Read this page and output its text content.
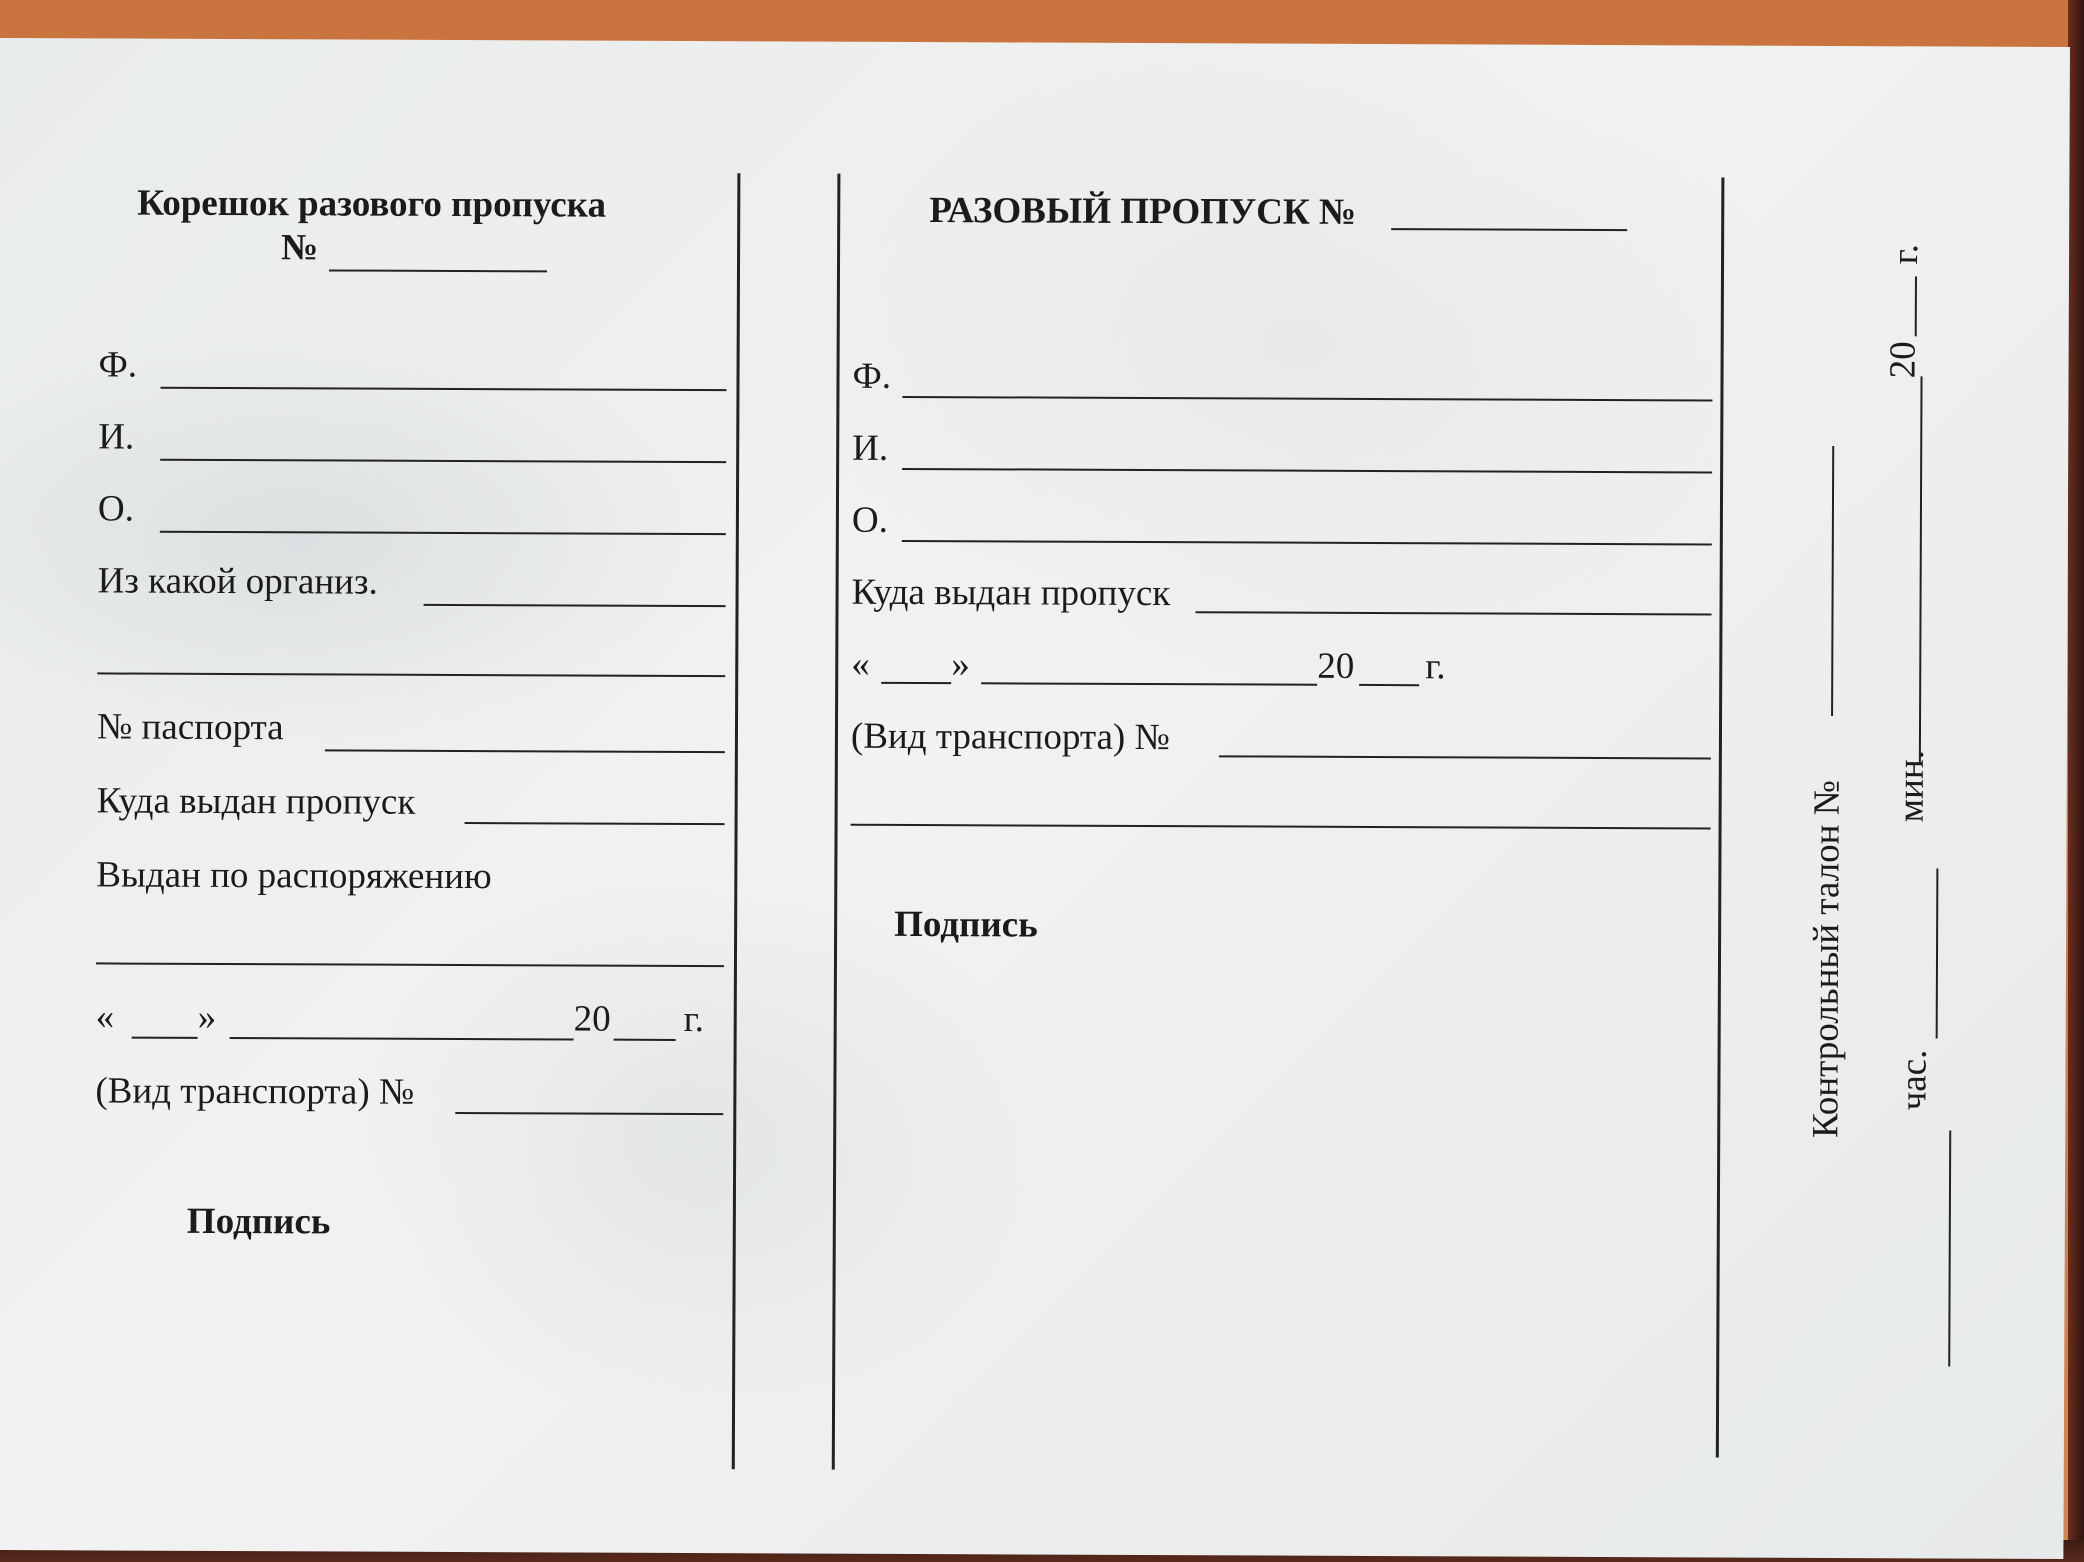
Корешок разового пропуска
№
Ф.
И.
О.
Из какой организ.
№ паспорта
Куда выдан пропуск
Выдан по распоряжению
« »	20 г.
(Вид транспорта) №
Подпись
РАЗОВЫЙ ПРОПУСК №
Ф.
И.
О.
Куда выдан пропуск
« »	20 г.
(Вид транспорта) №
Подпись	Контрольный талон № час.
мин.
20
г.
